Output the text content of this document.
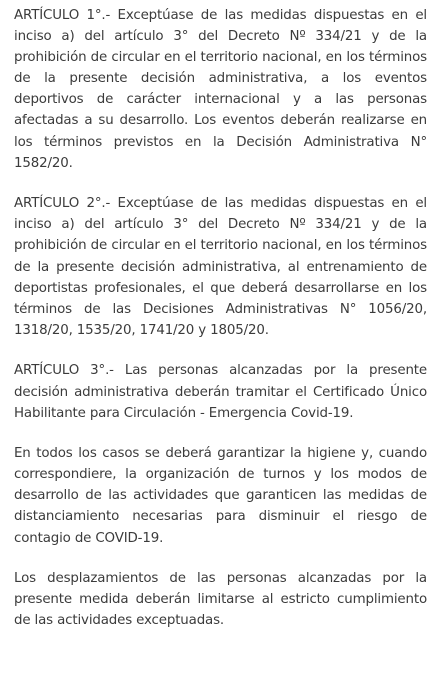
ARTÍCULO 1°.- Exceptúase de las medidas dispuestas en el inciso a) del artículo 3° del Decreto Nº 334/21 y de la prohibición de circular en el territorio nacional, en los términos de la presente decisión administrativa, a los eventos deportivos de carácter internacional y a las personas afectadas a su desarrollo. Los eventos deberán realizarse en los términos previstos en la Decisión Administrativa N° 1582/20.

ARTÍCULO 2°.- Exceptúase de las medidas dispuestas en el inciso a) del artículo 3° del Decreto Nº 334/21 y de la prohibición de circular en el territorio nacional, en los términos de la presente decisión administrativa, al entrenamiento de deportistas profesionales, el que deberá desarrollarse en los términos de las Decisiones Administrativas N° 1056/20, 1318/20, 1535/20, 1741/20 y 1805/20.

ARTÍCULO 3°.- Las personas alcanzadas por la presente decisión administrativa deberán tramitar el Certificado Único Habilitante para Circulación - Emergencia Covid-19.

En todos los casos se deberá garantizar la higiene y, cuando correspondiere, la organización de turnos y los modos de desarrollo de las actividades que garanticen las medidas de distanciamiento necesarias para disminuir el riesgo de contagio de COVID-19.

Los desplazamientos de las personas alcanzadas por la presente medida deberán limitarse al estricto cumplimiento de las actividades exceptuadas.
